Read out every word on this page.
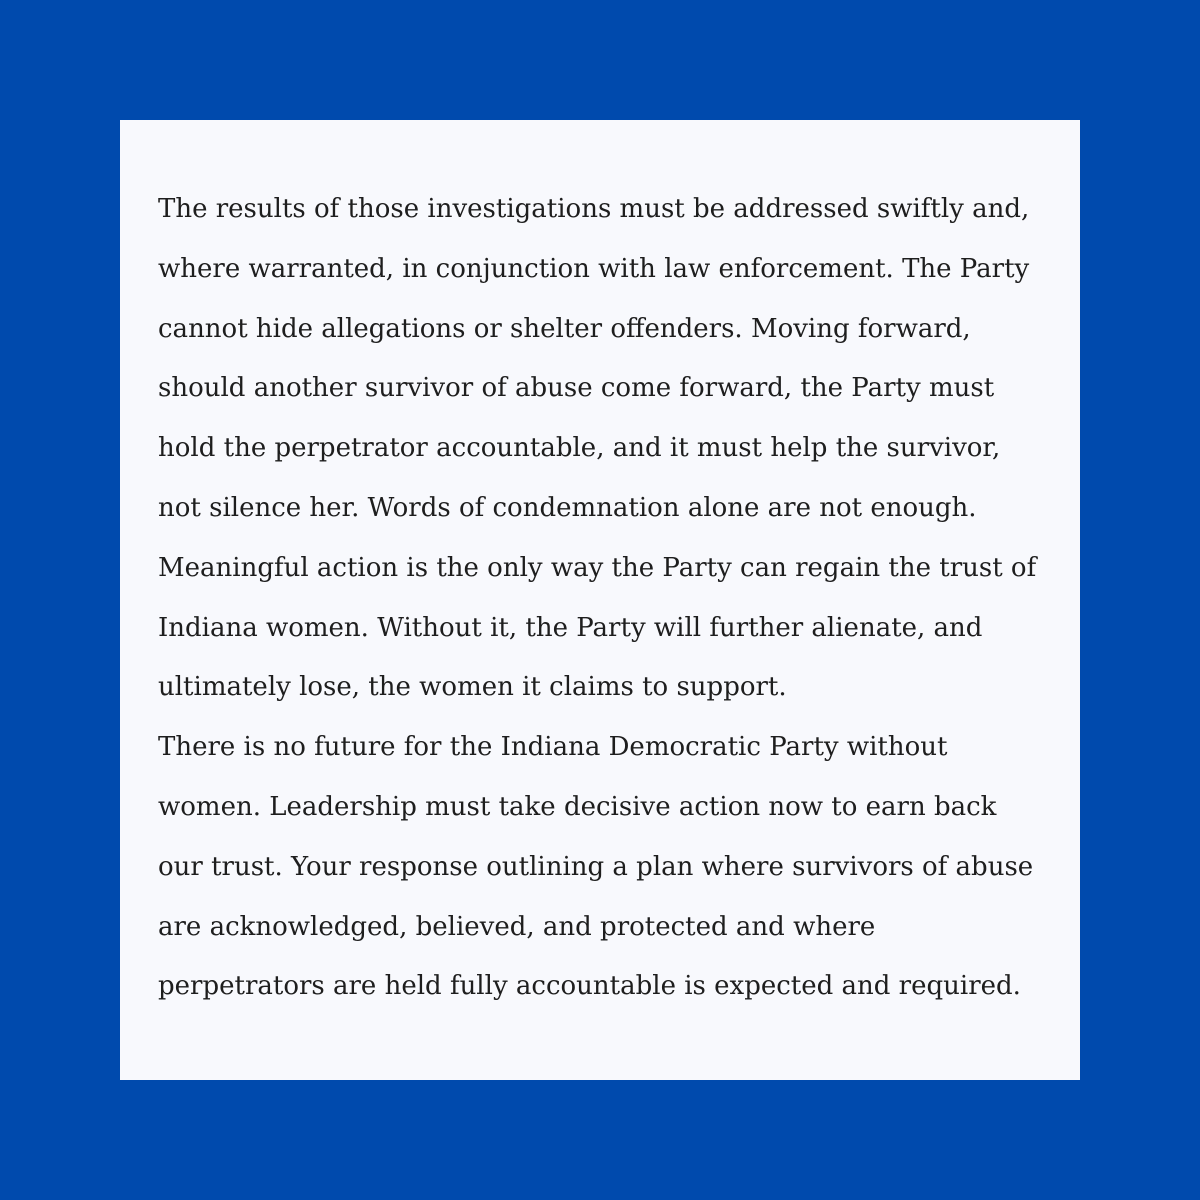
The results of those investigations must be addressed swiftly and,
where warranted, in conjunction with law enforcement. The Party
cannot hide allegations or shelter offenders. Moving forward,
should another survivor of abuse come forward, the Party must
hold the perpetrator accountable, and it must help the survivor,
not silence her. Words of condemnation alone are not enough.
Meaningful action is the only way the Party can regain the trust of
Indiana women. Without it, the Party will further alienate, and
ultimately lose, the women it claims to support.
There is no future for the Indiana Democratic Party without
women. Leadership must take decisive action now to earn back
our trust. Your response outlining a plan where survivors of abuse
are acknowledged, believed, and protected and where
perpetrators are held fully accountable is expected and required.
